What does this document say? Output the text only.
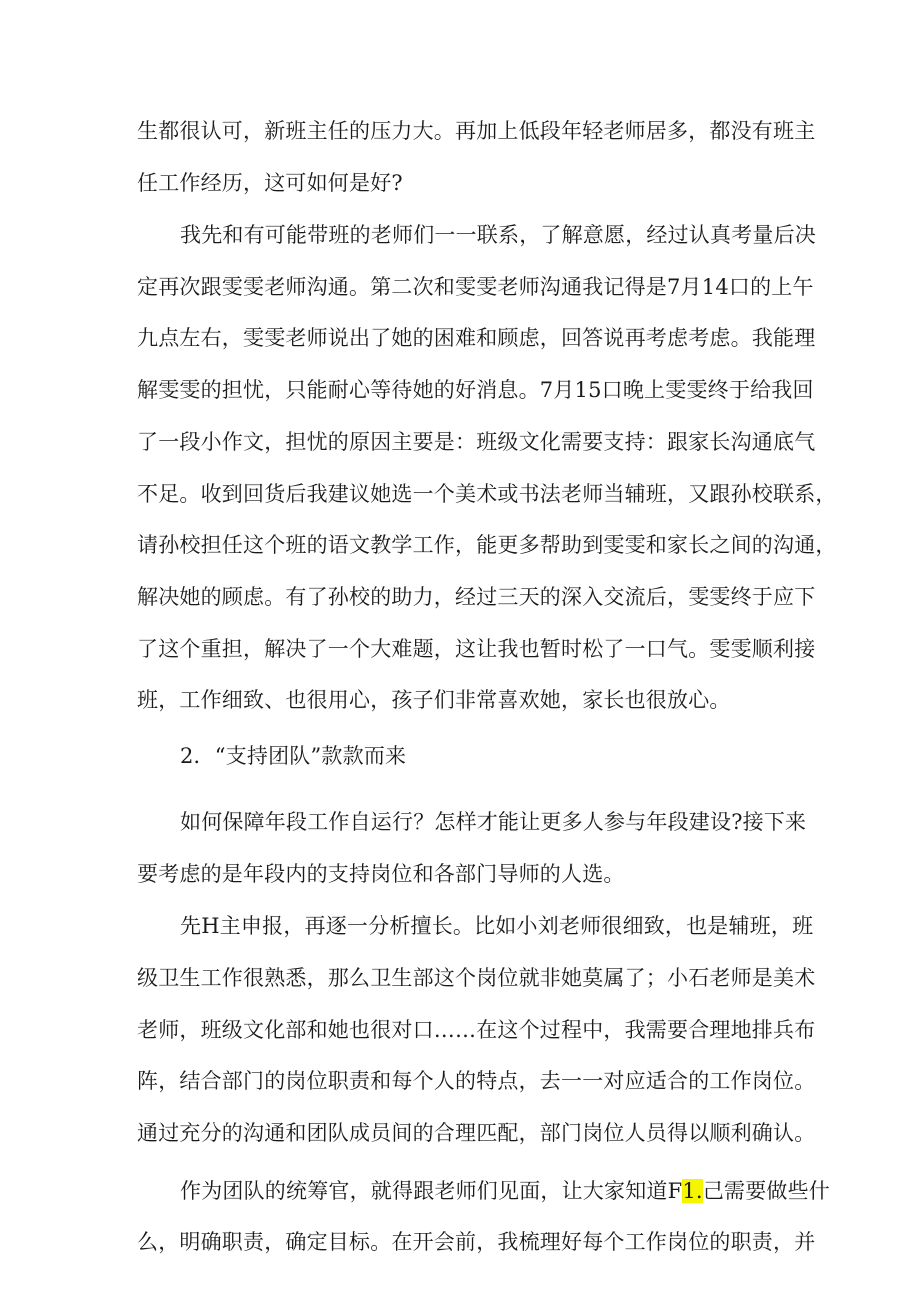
生都很认可，新班主任的压力大。再加上低段年轻老师居多，都没有班主
任工作经历，这可如何是好?
我先和有可能带班的老师们一一联系，了解意愿，经过认真考量后决
定再次跟雯雯老师沟通。第二次和雯雯老师沟通我记得是7月14口的上午
九点左右，雯雯老师说出了她的困难和顾虑，回答说再考虑考虑。我能理
解雯雯的担忧，只能耐心等待她的好消息。7月15口晚上雯雯终于给我回
了一段小作文，担忧的原因主要是：班级文化需要支持：跟家长沟通底气
不足。收到回货后我建议她选一个美术或书法老师当辅班，又跟孙校联系，
请孙校担任这个班的语文教学工作，能更多帮助到雯雯和家长之间的沟通，
解决她的顾虑。有了孙校的助力，经过三天的深入交流后，雯雯终于应下
了这个重担，解决了一个大难题，这让我也暂时松了一口气。雯雯顺利接
班，工作细致、也很用心，孩子们非常喜欢她，家长也很放心。
2．“支持团队”款款而来
如何保障年段工作自运行？怎样才能让更多人参与年段建设?接下来
要考虑的是年段内的支持岗位和各部门导师的人选。
先H主申报，再逐一分析擅长。比如小刘老师很细致，也是辅班，班
级卫生工作很熟悉，那么卫生部这个岗位就非她莫属了；小石老师是美术
老师，班级文化部和她也很对口……在这个过程中，我需要合理地排兵布
阵，结合部门的岗位职责和每个人的特点，去一一对应适合的工作岗位。
通过充分的沟通和团队成员间的合理匹配，部门岗位人员得以顺利确认。
作为团队的统筹官，就得跟老师们见面，让大家知道F1.己需要做些什
么，明确职责，确定目标。在开会前，我梳理好每个工作岗位的职责，并
